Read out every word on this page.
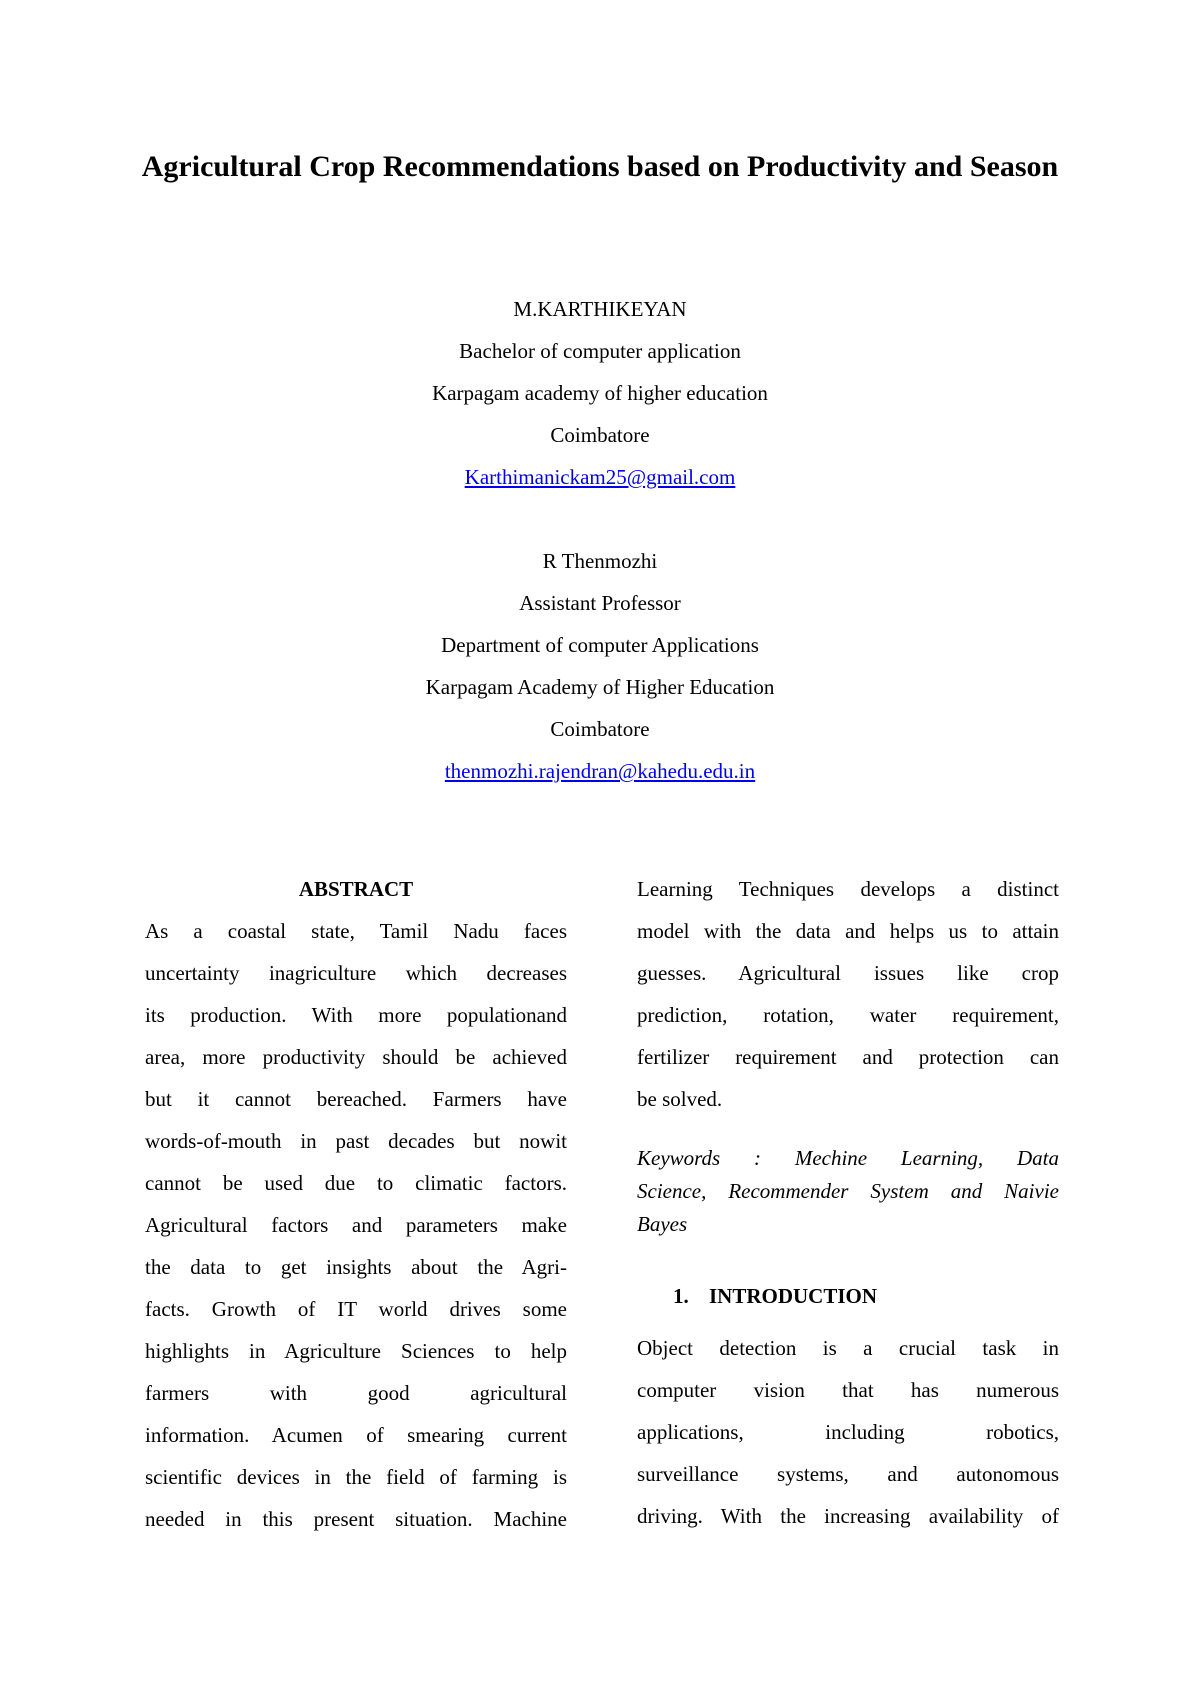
Agricultural Crop Recommendations based on Productivity and Season
M.KARTHIKEYAN
Bachelor of computer application
Karpagam academy of higher education
Coimbatore
Karthimanickam25@gmail.com
R Thenmozhi
Assistant Professor
Department of computer Applications
Karpagam Academy of Higher Education
Coimbatore
thenmozhi.rajendran@kahedu.edu.in
ABSTRACT
As a coastal state, Tamil Nadu faces
uncertainty inagriculture which decreases
its production. With more populationand
area, more productivity should be achieved
but it cannot bereached. Farmers have
words-of-mouth in past decades but nowit
cannot be used due to climatic factors.
Agricultural factors and parameters make
the data to get insights about the Agri-
facts. Growth of IT world drives some
highlights in Agriculture Sciences to help
farmers with good agricultural
information. Acumen of smearing current
scientific devices in the field of farming is
needed in this present situation. Machine
Learning Techniques develops a distinct
model with the data and helps us to attain
guesses. Agricultural issues like crop
prediction, rotation, water requirement,
fertilizer requirement and protection can
be solved.
Keywords : Mechine Learning, Data
Science, Recommender System and Naivie
Bayes
1. INTRODUCTION
Object detection is a crucial task in
computer vision that has numerous
applications, including robotics,
surveillance systems, and autonomous
driving. With the increasing availability of
